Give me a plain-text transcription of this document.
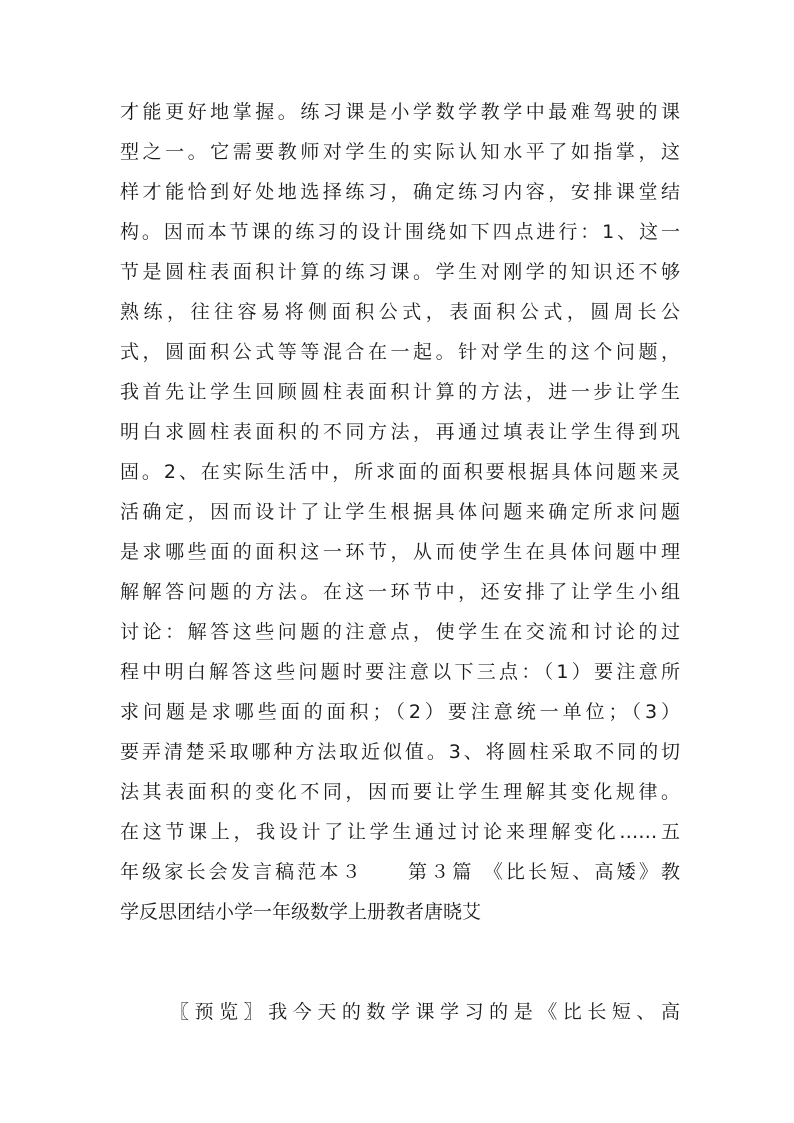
才能更好地掌握。练习课是小学数学教学中最难驾驶的课
型之一。它需要教师对学生的实际认知水平了如指掌，这
样才能恰到好处地选择练习，确定练习内容，安排课堂结
构。因而本节课的练习的设计围绕如下四点进行：1、这一
节是圆柱表面积计算的练习课。学生对刚学的知识还不够
熟练，往往容易将侧面积公式，表面积公式，圆周长公
式，圆面积公式等等混合在一起。针对学生的这个问题，
我首先让学生回顾圆柱表面积计算的方法，进一步让学生
明白求圆柱表面积的不同方法，再通过填表让学生得到巩
固。2、在实际生活中，所求面的面积要根据具体问题来灵
活确定，因而设计了让学生根据具体问题来确定所求问题
是求哪些面的面积这一环节，从而使学生在具体问题中理
解解答问题的方法。在这一环节中，还安排了让学生小组
讨论：解答这些问题的注意点，使学生在交流和讨论的过
程中明白解答这些问题时要注意以下三点：（1）要注意所
求问题是求哪些面的面积；（2）要注意统一单位；（3）
要弄清楚采取哪种方法取近似值。3、将圆柱采取不同的切
法其表面积的变化不同，因而要让学生理解其变化规律。
在这节课上，我设计了让学生通过讨论来理解变化……五
年级家长会发言稿范本３　　第３篇 《比长短、高矮》教
学反思团结小学一年级数学上册教者唐晓艾
〖预览〗我今天的数学课学习的是《比长短、高
